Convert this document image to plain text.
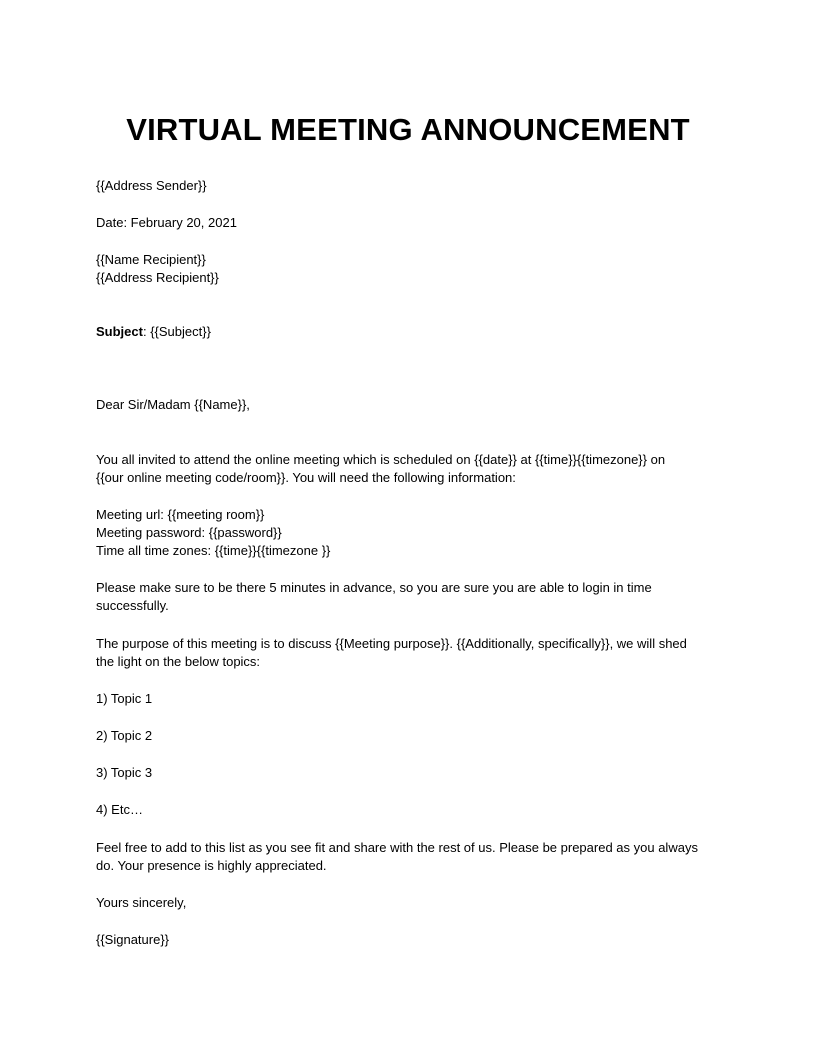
VIRTUAL MEETING ANNOUNCEMENT
{{Address Sender}}
Date: February 20, 2021
{{Name Recipient}}
{{Address Recipient}}
Subject: {{Subject}}
Dear Sir/Madam {{Name}},
You all invited to attend the online meeting which is scheduled on {{date}} at {{time}}{{timezone}} on
{{our online meeting code/room}}. You will need the following information:
Meeting url: {{meeting room}}
Meeting password: {{password}}
Time all time zones: {{time}}{{timezone }}
Please make sure to be there 5 minutes in advance, so you are sure you are able to login in time
successfully.
The purpose of this meeting is to discuss {{Meeting purpose}}. {{Additionally, specifically}}, we will shed
the light on the below topics:
1) Topic 1
2) Topic 2
3) Topic 3
4) Etc…
Feel free to add to this list as you see fit and share with the rest of us. Please be prepared as you always
do. Your presence is highly appreciated.
Yours sincerely,
{{Signature}}
